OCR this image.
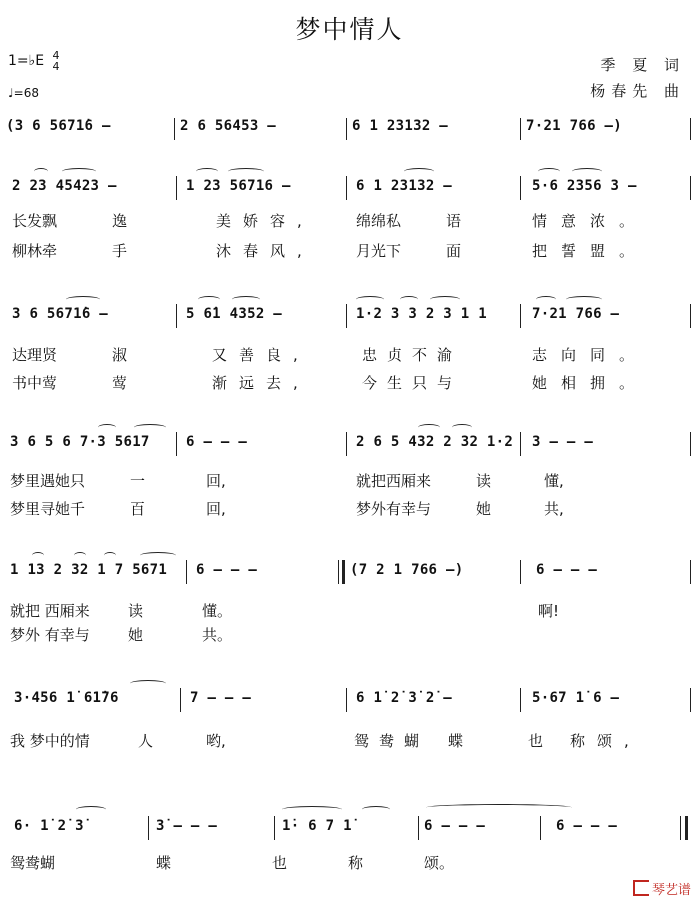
梦中情人
1=♭E 4
4
♩=68
季 夏 词
杨春先 曲
(3 6 5671̇6 –	2 6 56453 –	6 1 23132 –	7·21 766 –)
2 23 45423 –	1 23 56716 –	6 1 23132 –	5·6 2356 3 –
长发飘	逸	美娇容,	绵绵私	语	情意浓。
柳林牵	手	沐春风,	月光下	面	把誓盟。
3 6 5671̇6 –	5 6̇1 4352 –	1·2 3 3 2 3 1 1	7·21 766 –
达理贤	淑	又善良,	忠贞不渝	志向同。
书中莺	莺	渐远去,	今生只与	她相拥。
3 6 5 6 7·3 5617	6 – – –	2 6 5 432 2 32 1·2 3 – – –
梦里遇她只	一	回,	就把西厢来	读	懂,
梦里寻她千	百	回,	梦外有幸与	她	共,
1 13 2 32 1 7 5671 6 – – –	(7 2 1 766 –)	6 – – –
就把 西厢来	读	懂。	啊!
梦外 有幸与	她	共。
3·456 1̇ 61̇76	7 – – –	6 1̇ 2̇ 3̇ 2̇ –	5·67 1̇ 6 –
我 梦中的情	人	哟,	鸳鸯蝴 蝶	也 称颂,
6· 1̇ 2̇ 3̇	3̇ – – –	1̇· 6 7 1̇	6 – – –	6 – – –
鸳鸯蝴	蝶	也	称	颂。
琴艺谱
